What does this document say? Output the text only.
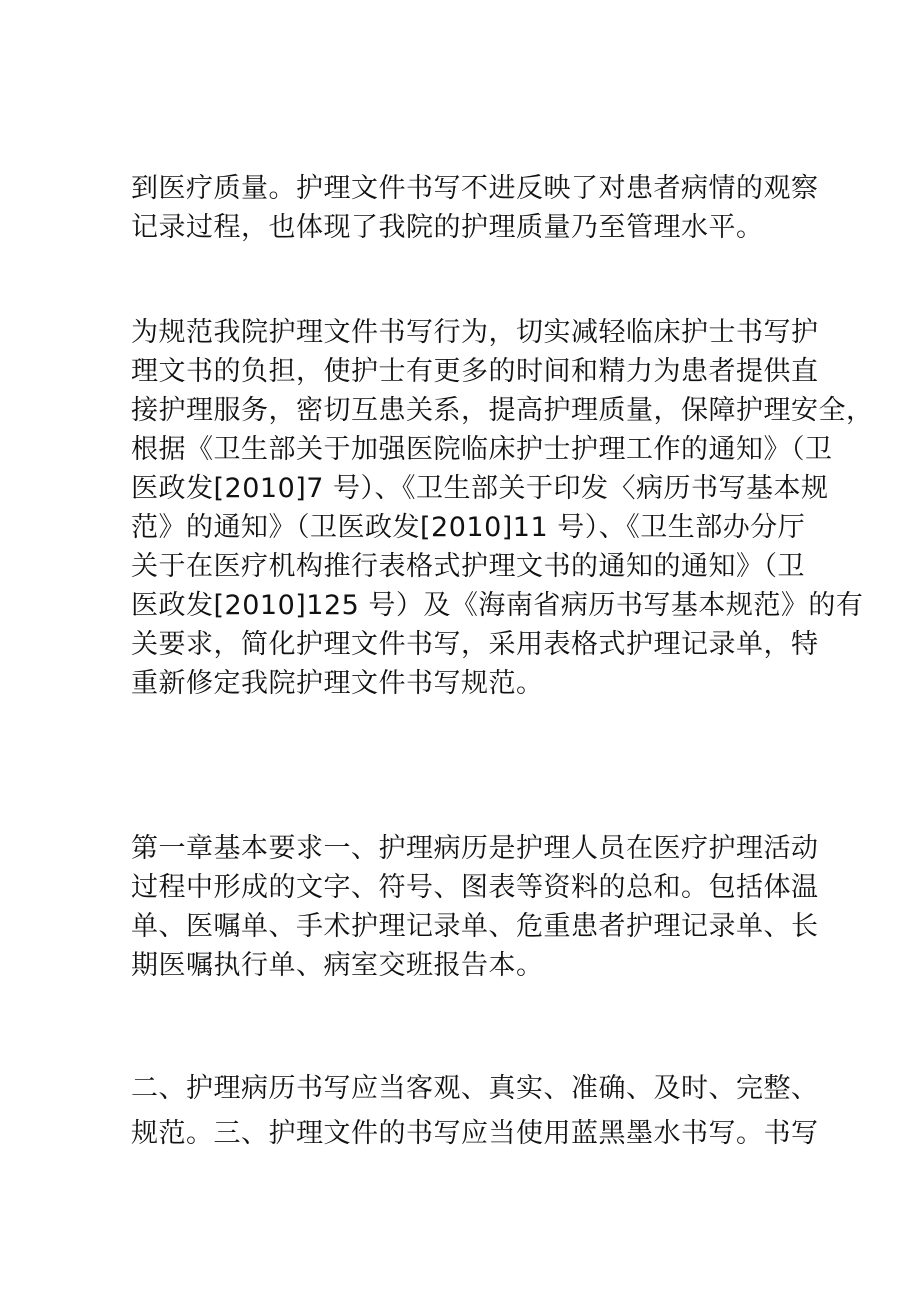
到医疗质量。护理文件书写不进反映了对患者病情的观察
记录过程，也体现了我院的护理质量乃至管理水平。
为规范我院护理文件书写行为，切实减轻临床护士书写护
理文书的负担，使护士有更多的时间和精力为患者提供直
接护理服务，密切互患关系，提高护理质量，保障护理安全，
根据《卫生部关于加强医院临床护士护理工作的通知》（卫
医政发[2010]7 号）、《卫生部关于印发〈病历书写基本规
范》的通知》（卫医政发[2010]11 号）、《卫生部办分厅
关于在医疗机构推行表格式护理文书的通知的通知》（卫
医政发[2010]125 号）及《海南省病历书写基本规范》的有
关要求，简化护理文件书写，采用表格式护理记录单，特
重新修定我院护理文件书写规范。
第一章基本要求一、护理病历是护理人员在医疗护理活动
过程中形成的文字、符号、图表等资料的总和。包括体温
单、医嘱单、手术护理记录单、危重患者护理记录单、长
期医嘱执行单、病室交班报告本。
二、护理病历书写应当客观、真实、准确、及时、完整、
规范。三、护理文件的书写应当使用蓝黑墨水书写。书写
